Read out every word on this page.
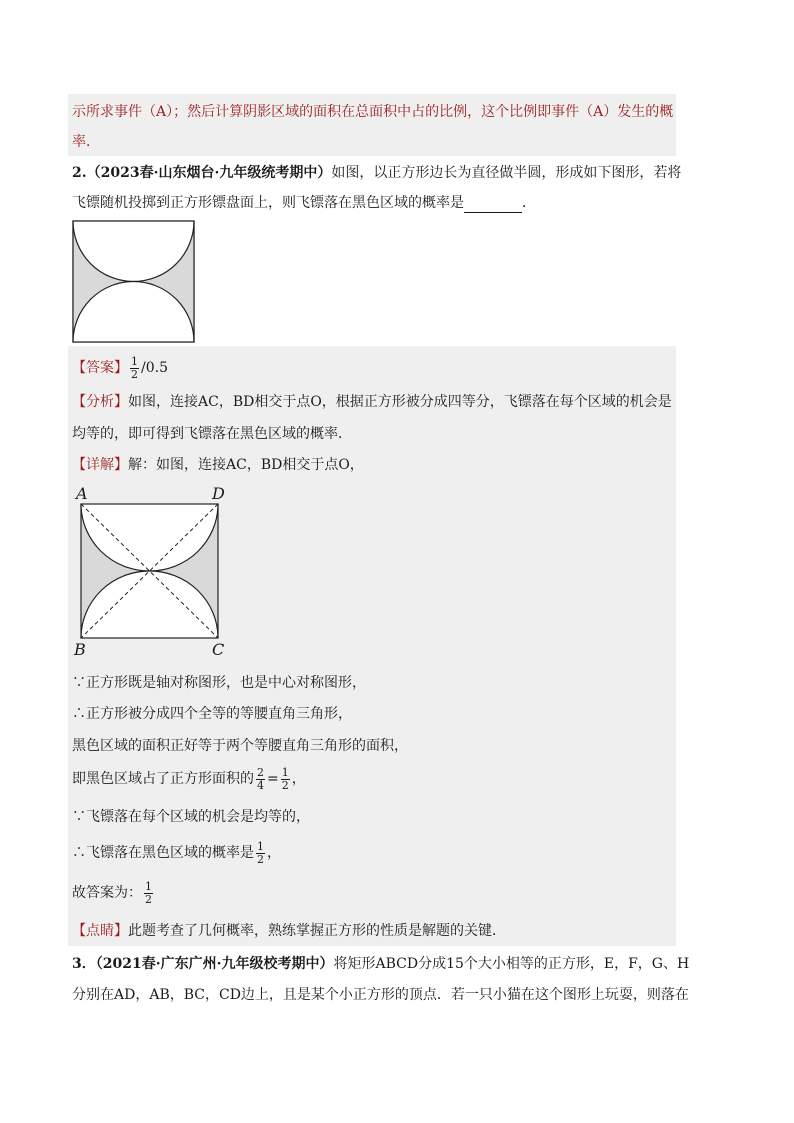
示所求事件（A）；然后计算阴影区域的面积在总面积中占的比例，这个比例即事件（A）发生的概
率．
2.（2023春·山东烟台·九年级统考期中）如图，以正方形边长为直径做半圆，形成如下图形，若将
飞镖随机投掷到正方形镖盘面上，则飞镖落在黑色区域的概率是	．
【答案】 $\frac{1}{2} /0.5$
【分析】如图，连接AC，BD相交于点O，根据正方形被分成四等分，飞镖落在每个区域的机会是
均等的，即可得到飞镖落在黑色区域的概率．
【详解】解：如图，连接AC，BD相交于点O，
A	D
B	C
∵正方形既是轴对称图形，也是中心对称图形，
∴正方形被分成四个全等的等腰直角三角形，
黑色区域的面积正好等于两个等腰直角三角形的面积，
即黑色区域占了正方形面积的 $\frac{2}{4} = \frac{1}{2}$ ，
∵飞镖落在每个区域的机会是均等的，
∴飞镖落在黑色区域的概率是 $\frac{1}{2}$ ，
故答案为： $\frac{1}{2}$
【点睛】此题考查了几何概率，熟练掌握正方形的性质是解题的关键．
3．（2021春·广东广州·九年级校考期中）将矩形ABCD分成15个大小相等的正方形，E，F，G、H
分别在AD，AB，BC，CD边上，且是某个小正方形的顶点．若一只小猫在这个图形上玩耍，则落在
